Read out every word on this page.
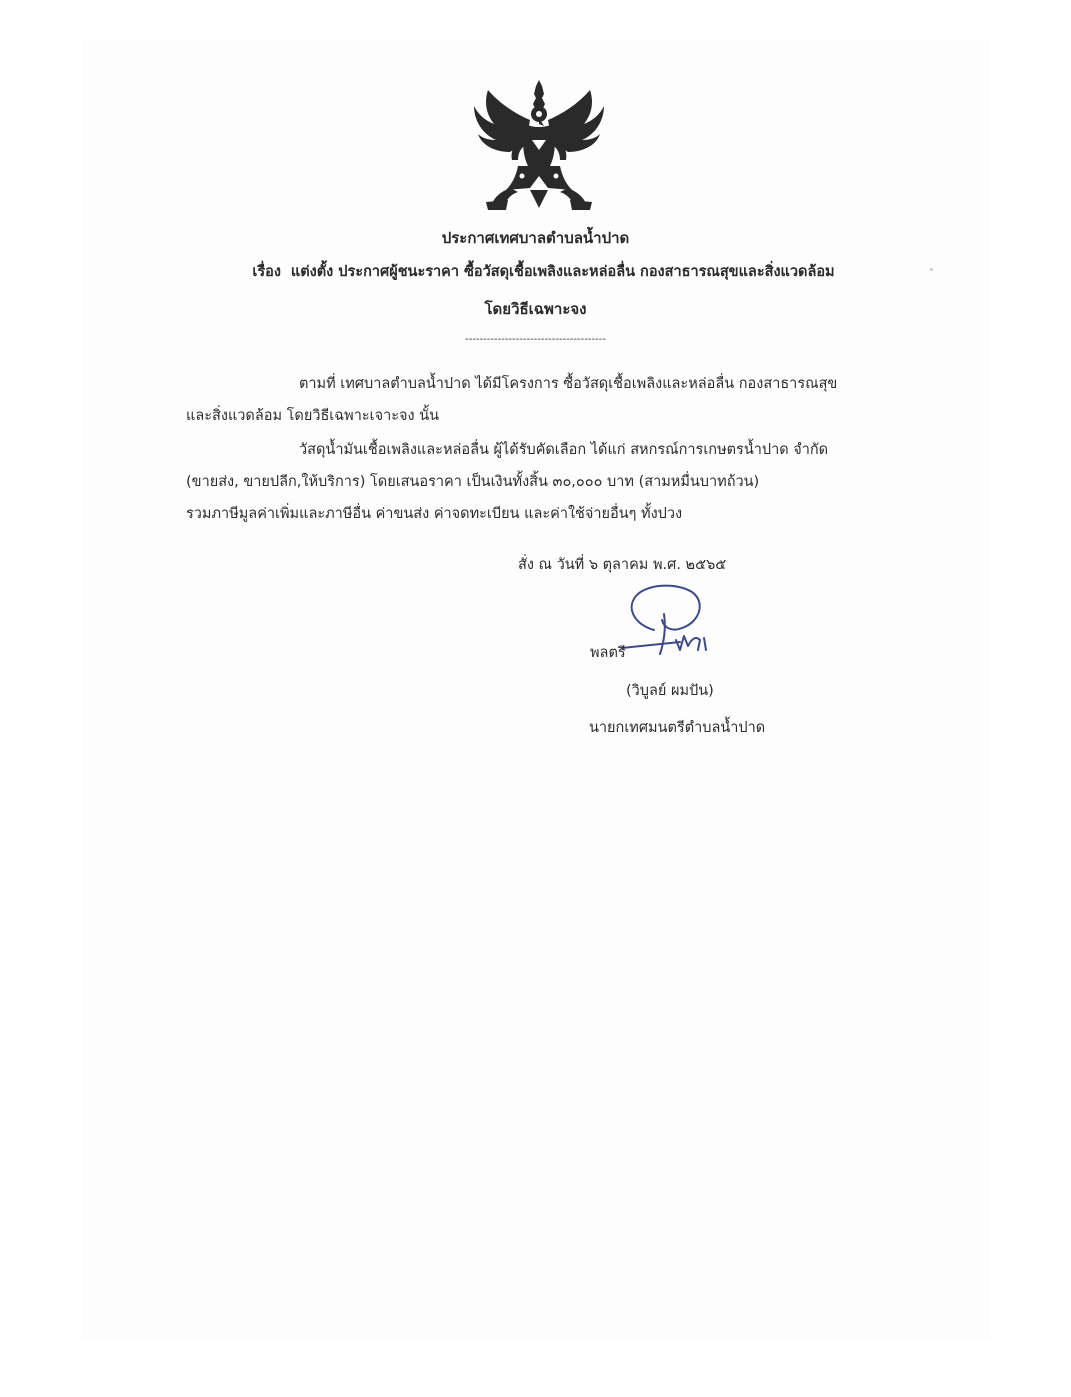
ประกาศเทศบาลตำบลน้ำปาด
เรื่อง แต่งตั้ง ประกาศผู้ชนะราคา ซื้อวัสดุเชื้อเพลิงและหล่อลื่น กองสาธารณสุขและสิ่งแวดล้อม
โดยวิธีเฉพาะจง
---------------------------------------
ตามที่ เทศบาลตำบลน้ำปาด ได้มีโครงการ ซื้อวัสดุเชื้อเพลิงและหล่อลื่น กองสาธารณสุข
และสิ่งแวดล้อม โดยวิธีเฉพาะเจาะจง นั้น
วัสดุน้ำมันเชื้อเพลิงและหล่อลื่น ผู้ได้รับคัดเลือก ได้แก่ สหกรณ์การเกษตรน้ำปาด จำกัด
(ขายส่ง, ขายปลีก,ให้บริการ) โดยเสนอราคา เป็นเงินทั้งสิ้น ๓๐,๐๐๐ บาท (สามหมื่นบาทถ้วน)
รวมภาษีมูลค่าเพิ่มและภาษีอื่น ค่าขนส่ง ค่าจดทะเบียน และค่าใช้จ่ายอื่นๆ ทั้งปวง
สั่ง ณ วันที่ ๖ ตุลาคม พ.ศ. ๒๕๖๕
พลตรี
(วิบูลย์ ผมปัน)
นายกเทศมนตรีตำบลน้ำปาด
